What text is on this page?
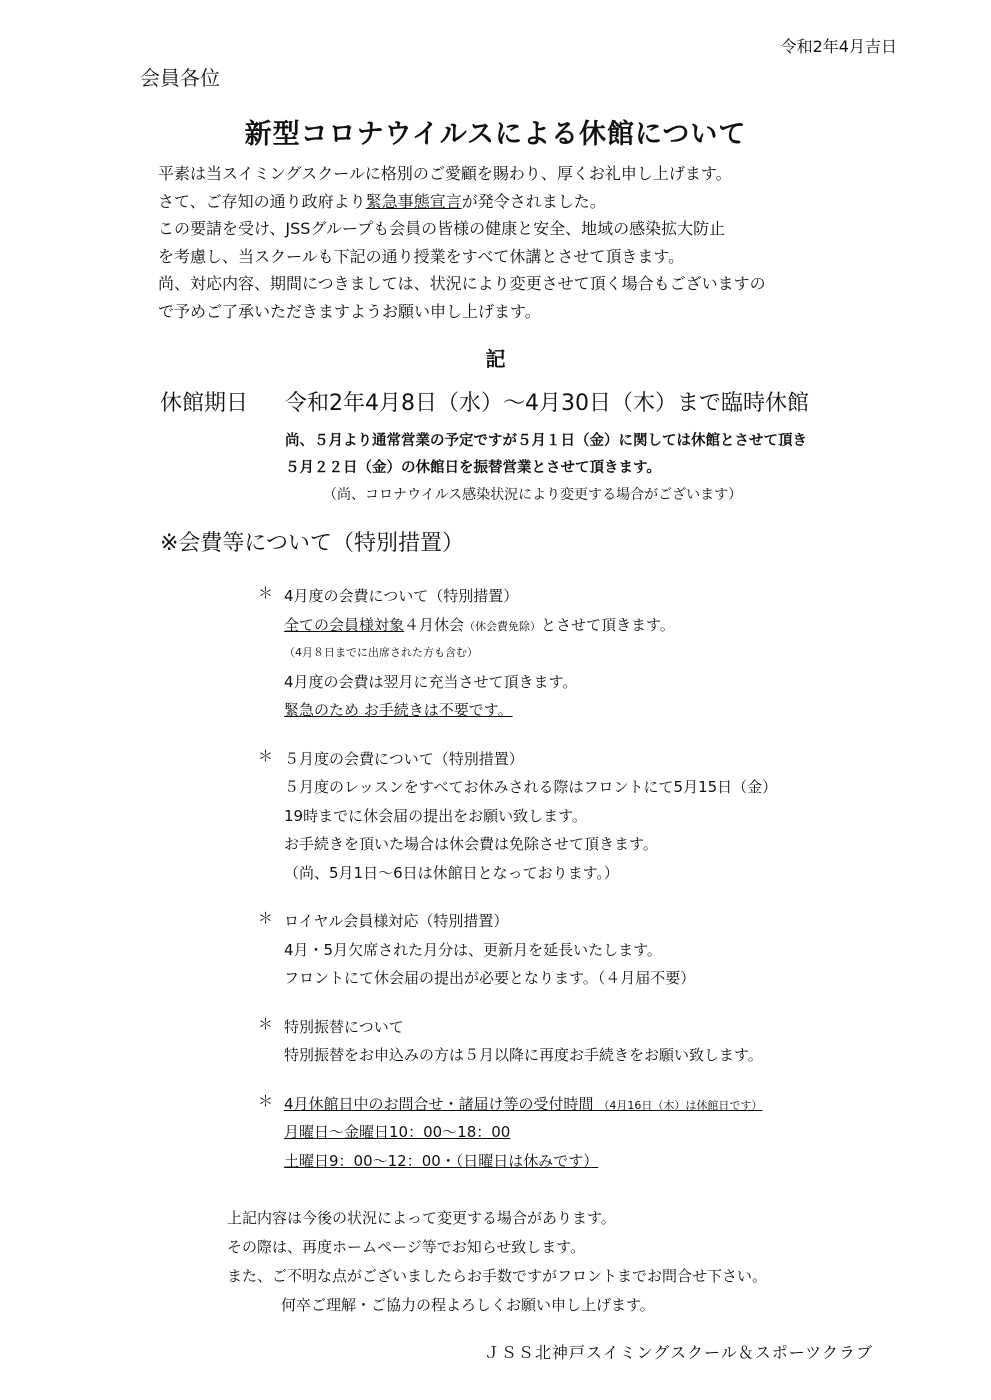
令和2年4月吉日
会員各位
新型コロナウイルスによる休館について
平素は当スイミングスクールに格別のご愛顧を賜わり、厚くお礼申し上げます。
さて、ご存知の通り政府より緊急事態宣言が発令されました。
この要請を受け、JSSグループも会員の皆様の健康と安全、地域の感染拡大防止
を考慮し、当スクールも下記の通り授業をすべて休講とさせて頂きます。
尚、対応内容、期間につきましては、状況により変更させて頂く場合もございますの
で予めご了承いただきますようお願い申し上げます。
記
休館期日 令和2年4月8日（水）～4月30日（木）まで臨時休館
尚、５月より通常営業の予定ですが５月１日（金）に関しては休館とさせて頂き
５月２２日（金）の休館日を振替営業とさせて頂きます。
（尚、コロナウイルス感染状況により変更する場合がございます）
※会費等について（特別措置）
＊ 4月度の会費について（特別措置）
全ての会員様対象４月休会（休会費免除）とさせて頂きます。
（4月８日までに出席された方も含む）
4月度の会費は翌月に充当させて頂きます。
緊急のため お手続きは不要です。
＊ ５月度の会費について（特別措置）
５月度のレッスンをすべてお休みされる際はフロントにて5月15日（金）
19時までに休会届の提出をお願い致します。
お手続きを頂いた場合は休会費は免除させて頂きます。
（尚、5月1日～6日は休館日となっております。）
＊ ロイヤル会員様対応（特別措置）
4月・5月欠席された月分は、更新月を延長いたします。
フロントにて休会届の提出が必要となります。（４月届不要）
＊ 特別振替について
特別振替をお申込みの方は５月以降に再度お手続きをお願い致します。
＊ 4月休館日中のお問合せ・諸届け等の受付時間 （4月16日（木）は休館日です）
月曜日～金曜日10：00～18：00
土曜日9：00～12：00・（日曜日は休みです）
上記内容は今後の状況によって変更する場合があります。
その際は、再度ホームページ等でお知らせ致します。
また、ご不明な点がございましたらお手数ですがフロントまでお問合せ下さい。
何卒ご理解・ご協力の程よろしくお願い申し上げます。
ＪＳＳ北神戸スイミングスクール＆スポーツクラブ
